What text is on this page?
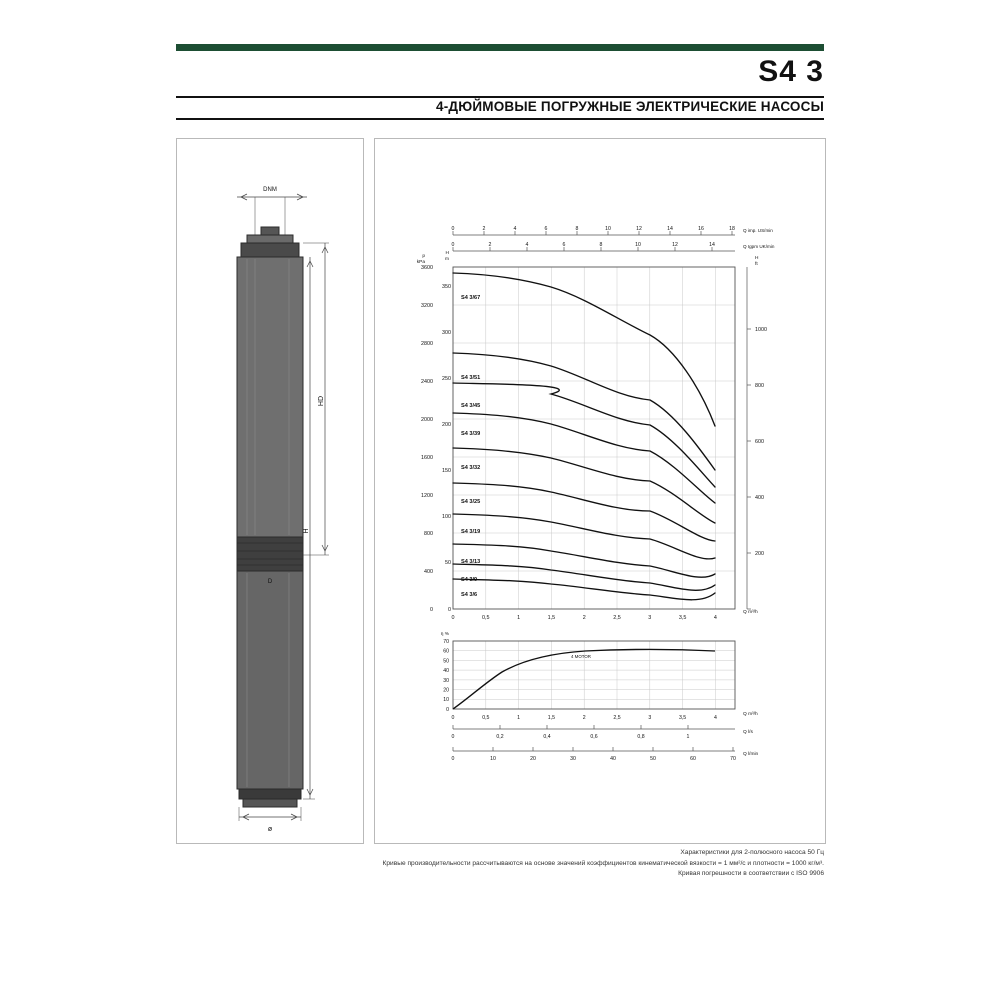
S4 3
4-ДЮЙМОВЫЕ ПОГРУЖНЫЕ ЭЛЕКТРИЧЕСКИЕ НАСОСЫ
DNM
HD
H
ø
D
0	2	4	6	8	10	12	14	16	18 Q imp. US/min
0	2	4	6	8	10	12	14	Q Igpm UK/min
0
400
800
1200
1600
2000
2400
2800
3200
3600
p
kPa
0
50
100
150
200
250
300
350
H
m
200
400
600
800
1000
H
ft
0	0,5	1	1,5	2	2,5	3	3,5	4
Q m³/h
S4 3/67
S4 3/51
S4 3/45
S4 3/39
S4 3/32
S4 3/25
S4 3/19
S4 3/13
S4 3/9
S4 3/6
0
10
20
30
40
50
60
70
η %
4 MOTOR
0	0,5	1	1,5	2	2,5	3	3,5	4
Q m³/h
0	0,2	0,4	0,6	0,8	1
Q l/s
0	10	20	30	40	50	60	70
Q l/min
Характеристики для 2-полюсного насоса 50 Гц
Кривые производительности рассчитываются на основе значений коэффициентов кинематической вязкости = 1 мм²/с и плотности = 1000 кг/м³.
Кривая погрешности в соответствии с ISO 9906
